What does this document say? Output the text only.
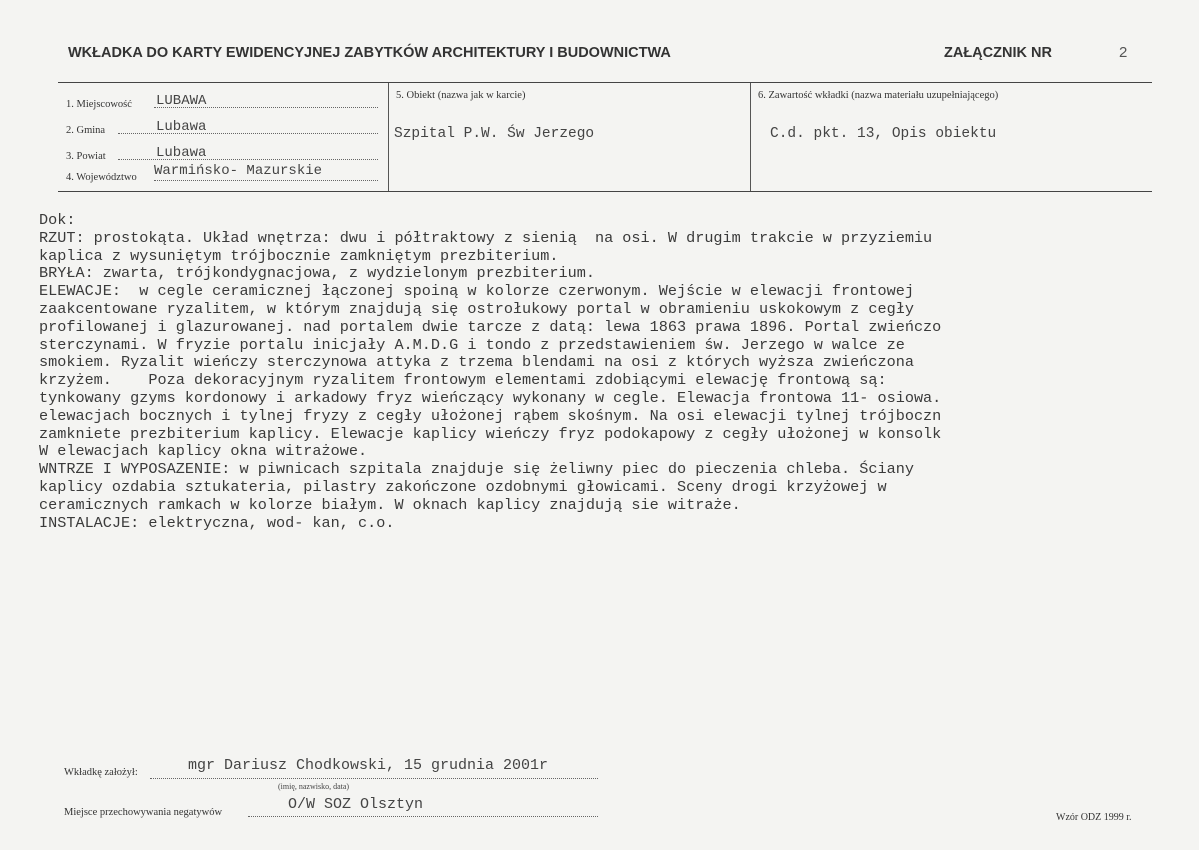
WKŁADKA DO KARTY EWIDENCYJNEJ ZABYTKÓW ARCHITEKTURY I BUDOWNICTWA	ZAŁĄCZNIK NR	2
1. Miejscowość LUBAWA
2. Gmina	Lubawa
3. Powiat	Lubawa
4. Województwo Warmińsko- Mazurskie
5. Obiekt (nazwa jak w karcie)
Szpital P.W. Św Jerzego
6. Zawartość wkładki (nazwa materiału uzupełniającego)
C.d. pkt. 13, Opis obiektu
Dok:
RZUT: prostokąta. Układ wnętrza: dwu i półtraktowy z sienią  na osi. W drugim trakcie w przyziemiu
kaplica z wysuniętym trójbocznie zamkniętym prezbiterium.
BRYŁA: zwarta, trójkondygnacjowa, z wydzielonym prezbiterium.
ELEWACJE:  w cegle ceramicznej łączonej spoiną w kolorze czerwonym. Wejście w elewacji frontowej
zaakcentowane ryzalitem, w którym znajdują się ostrołukowy portal w obramieniu uskokowym z cegły
profilowanej i glazurowanej. nad portalem dwie tarcze z datą: lewa 1863 prawa 1896. Portal zwieńczo
sterczynami. W fryzie portalu inicjały A.M.D.G i tondo z przedstawieniem św. Jerzego w walce ze
smokiem. Ryzalit wieńczy sterczynowa attyka z trzema blendami na osi z których wyższa zwieńczona
krzyżem.    Poza dekoracyjnym ryzalitem frontowym elementami zdobiącymi elewację frontową są:
tynkowany gzyms kordonowy i arkadowy fryz wieńczący wykonany w cegle. Elewacja frontowa 11- osiowa.
elewacjach bocznych i tylnej fryzy z cegły ułożonej rąbem skośnym. Na osi elewacji tylnej trójboczn
zamkniete prezbiterium kaplicy. Elewacje kaplicy wieńczy fryz podokapowy z cegły ułożonej w konsolk
W elewacjach kaplicy okna witrażowe.
WNTRZE I WYPOSAZENIE: w piwnicach szpitala znajduje się żeliwny piec do pieczenia chleba. Ściany
kaplicy ozdabia sztukateria, pilastry zakończone ozdobnymi głowicami. Sceny drogi krzyżowej w
ceramicznych ramkach w kolorze białym. W oknach kaplicy znajdują sie witraże.
INSTALACJE: elektryczna, wod- kan, c.o.
Wkładkę założył:	mgr Dariusz Chodkowski, 15 grudnia 2001r
(imię, nazwisko, data)
Miejsce przechowywania negatywów	O/W SOZ Olsztyn
Wzór ODZ 1999 r.
